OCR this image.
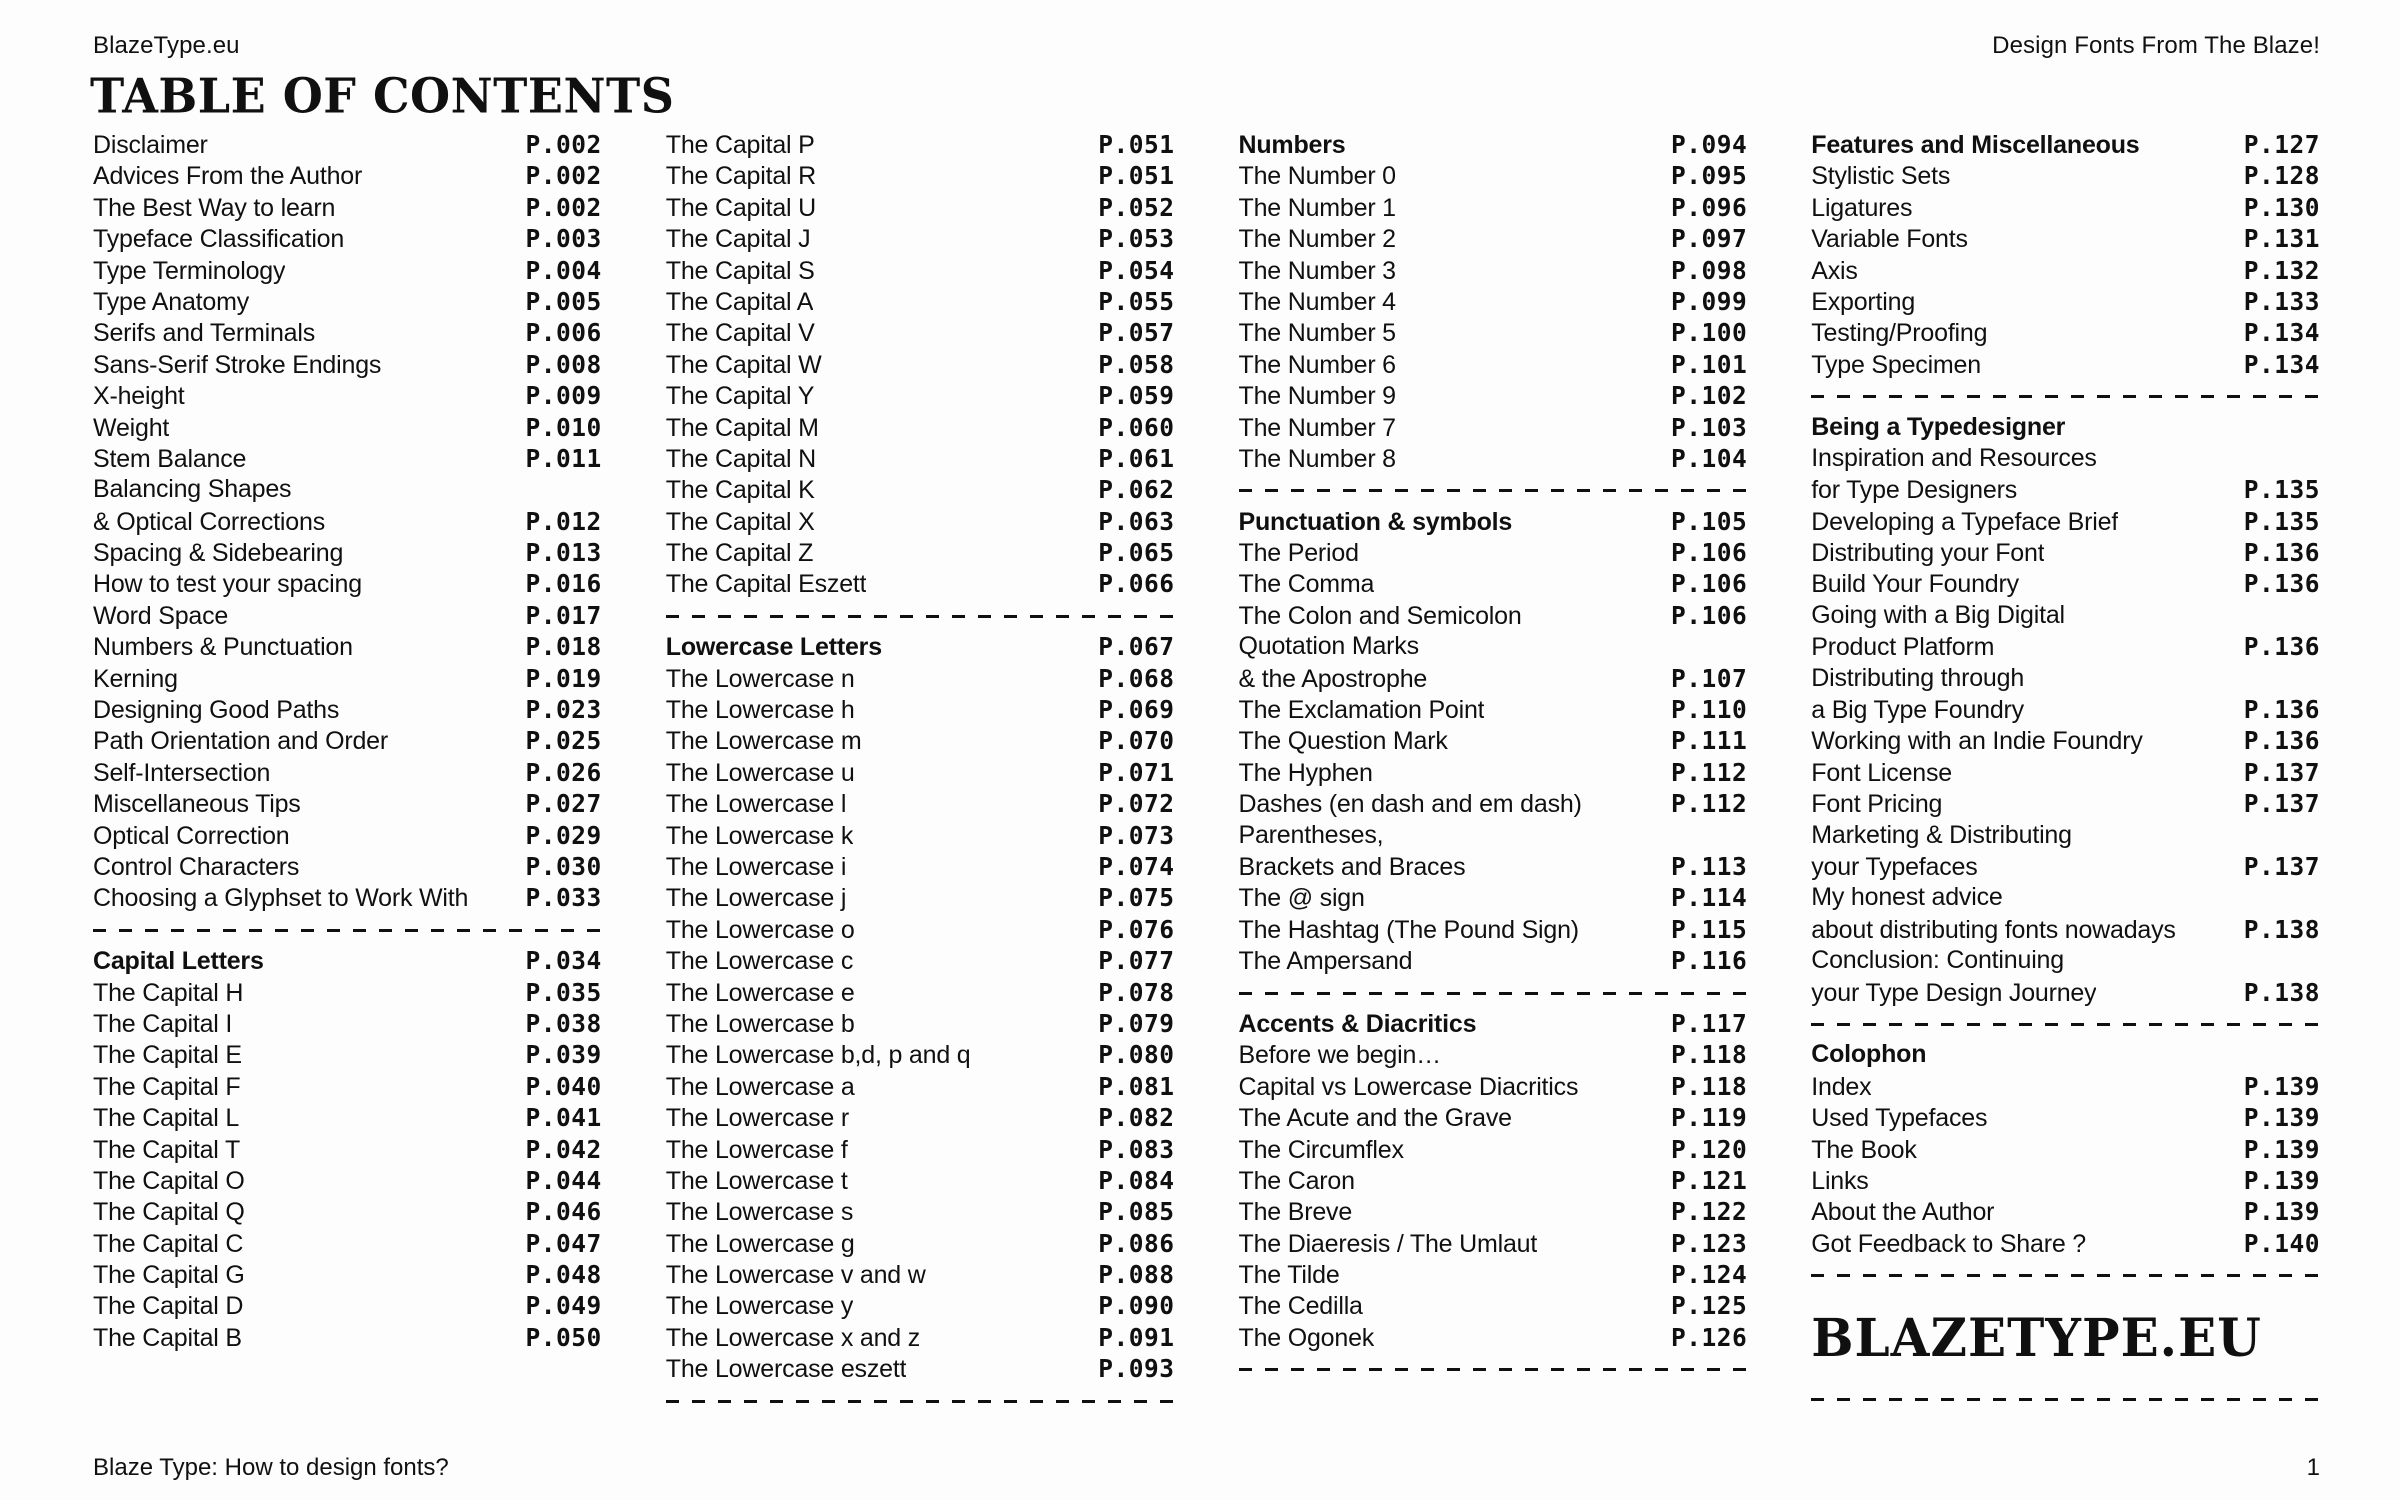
BlazeType.eu	Design Fonts From The Blaze!
TABLE OF CONTENTS
Disclaimer	P.002
Advices From the Author	P.002
The Best Way to learn	P.002
Typeface Classification	P.003
Type Terminology	P.004
Type Anatomy	P.005
Serifs and Terminals	P.006
Sans-Serif Stroke Endings	P.008
X-height	P.009
Weight	P.010
Stem Balance	P.011
Balancing Shapes
& Optical Corrections	P.012
Spacing & Sidebearing	P.013
How to test your spacing	P.016
Word Space	P.017
Numbers & Punctuation	P.018
Kerning	P.019
Designing Good Paths	P.023
Path Orientation and Order	P.025
Self-Intersection	P.026
Miscellaneous Tips	P.027
Optical Correction	P.029
Control Characters	P.030
Choosing a Glyphset to Work With P.033
Capital Letters	P.034
The Capital H	P.035
The Capital I	P.038
The Capital E	P.039
The Capital F	P.040
The Capital L	P.041
The Capital T	P.042
The Capital O	P.044
The Capital Q	P.046
The Capital C	P.047
The Capital G	P.048
The Capital D	P.049
The Capital B	P.050
The Capital P	P.051
The Capital R	P.051
The Capital U	P.052
The Capital J	P.053
The Capital S	P.054
The Capital A	P.055
The Capital V	P.057
The Capital W	P.058
The Capital Y	P.059
The Capital M	P.060
The Capital N	P.061
The Capital K	P.062
The Capital X	P.063
The Capital Z	P.065
The Capital Eszett	P.066
Lowercase Letters	P.067
The Lowercase n	P.068
The Lowercase h	P.069
The Lowercase m	P.070
The Lowercase u	P.071
The Lowercase l	P.072
The Lowercase k	P.073
The Lowercase i	P.074
The Lowercase j	P.075
The Lowercase o	P.076
The Lowercase c	P.077
The Lowercase e	P.078
The Lowercase b	P.079
The Lowercase b,d, p and q	P.080
The Lowercase a	P.081
The Lowercase r	P.082
The Lowercase f	P.083
The Lowercase t	P.084
The Lowercase s	P.085
The Lowercase g	P.086
The Lowercase v and w	P.088
The Lowercase y	P.090
The Lowercase x and z	P.091
The Lowercase eszett	P.093
Numbers	P.094
The Number 0	P.095
The Number 1	P.096
The Number 2	P.097
The Number 3	P.098
The Number 4	P.099
The Number 5	P.100
The Number 6	P.101
The Number 9	P.102
The Number 7	P.103
The Number 8	P.104
Punctuation & symbols	P.105
The Period	P.106
The Comma	P.106
The Colon and Semicolon	P.106
Quotation Marks
& the Apostrophe	P.107
The Exclamation Point	P.110
The Question Mark	P.111
The Hyphen	P.112
Dashes (en dash and em dash)	P.112
Parentheses,
Brackets and Braces	P.113
The @ sign	P.114
The Hashtag (The Pound Sign)	P.115
The Ampersand	P.116
Accents & Diacritics	P.117
Before we begin…	P.118
Capital vs Lowercase Diacritics	P.118
The Acute and the Grave	P.119
The Circumflex	P.120
The Caron	P.121
The Breve	P.122
The Diaeresis / The Umlaut	P.123
The Tilde	P.124
The Cedilla	P.125
The Ogonek	P.126
Features and Miscellaneous	P.127
Stylistic Sets	P.128
Ligatures	P.130
Variable Fonts	P.131
Axis	P.132
Exporting	P.133
Testing/Proofing	P.134
Type Specimen	P.134
Being a Typedesigner
Inspiration and Resources
for Type Designers	P.135
Developing a Typeface Brief	P.135
Distributing your Font	P.136
Build Your Foundry	P.136
Going with a Big Digital
Product Platform	P.136
Distributing through
a Big Type Foundry	P.136
Working with an Indie Foundry	P.136
Font License	P.137
Font Pricing	P.137
Marketing & Distributing
your Typefaces	P.137
My honest advice
about distributing fonts nowadays	P.138
Conclusion: Continuing
your Type Design Journey	P.138
Colophon
Index	P.139
Used Typefaces	P.139
The Book	P.139
Links	P.139
About the Author	P.139
Got Feedback to Share ?	P.140
BLAZETYPE.EU
Blaze Type: How to design fonts?	1
